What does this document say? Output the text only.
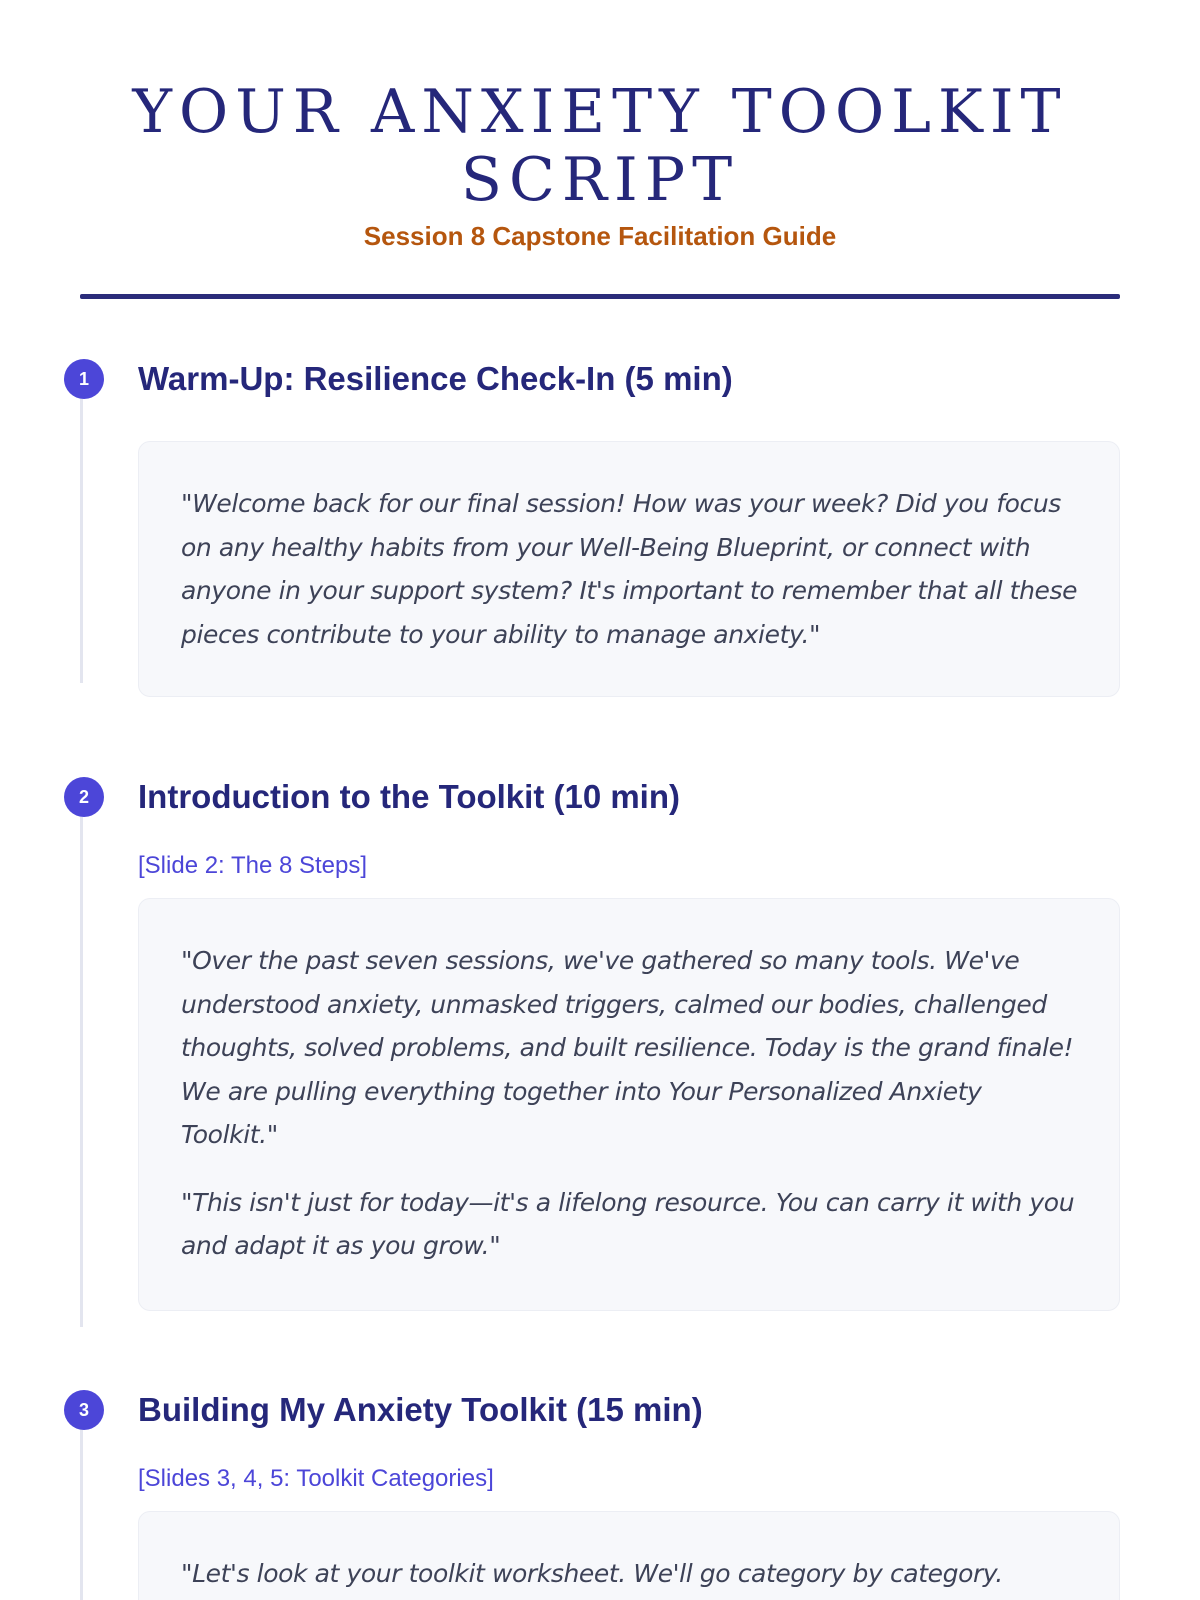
YOUR ANXIETY TOOLKIT SCRIPT

Session 8 Capstone Facilitation Guide

1	Warm-Up: Resilience Check-In (5 min)

"Welcome back for our final session! How was your week? Did you focus on any healthy habits from your Well-Being Blueprint, or connect with anyone in your support system? It's important to remember that all these pieces contribute to your ability to manage anxiety."

2	Introduction to the Toolkit (10 min)

[Slide 2: The 8 Steps]

"Over the past seven sessions, we've gathered so many tools. We've understood anxiety, unmasked triggers, calmed our bodies, challenged thoughts, solved problems, and built resilience. Today is the grand finale! We are pulling everything together into Your Personalized Anxiety Toolkit."

"This isn't just for today—it's a lifelong resource. You can carry it with you and adapt it as you grow."

3	Building My Anxiety Toolkit (15 min)

[Slides 3, 4, 5: Toolkit Categories]

"Let's look at your toolkit worksheet. We'll go category by category.
